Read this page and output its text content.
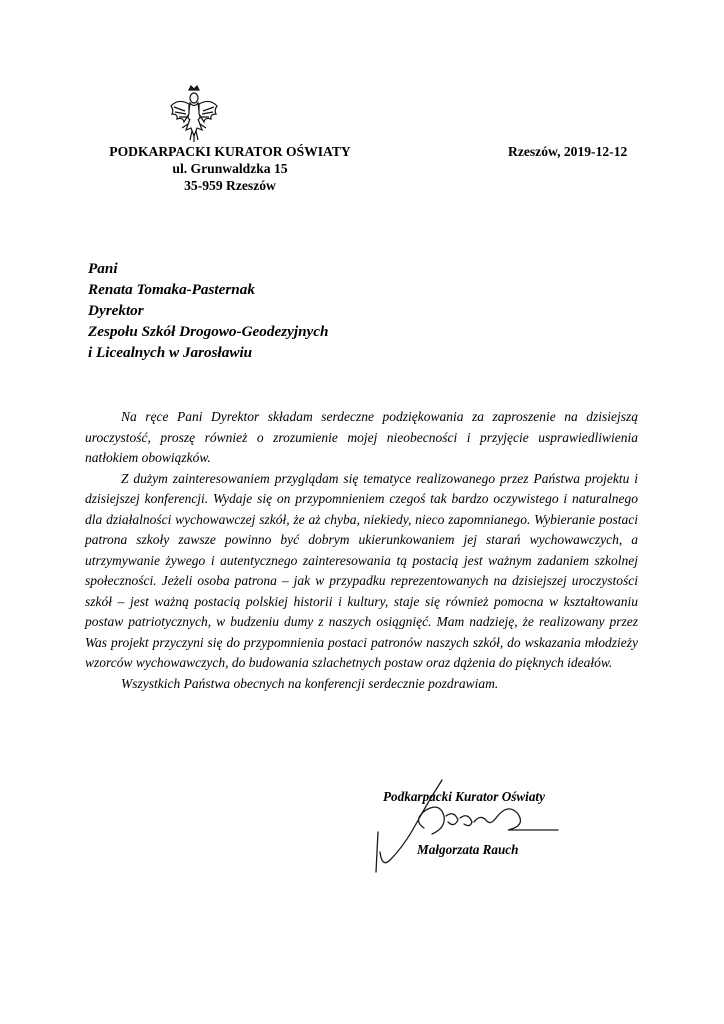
PODKARPACKI KURATOR OŚWIATY
ul. Grunwaldzka 15
35-959 Rzeszów
Rzeszów, 2019-12-12
Pani
Renata Tomaka-Pasternak
Dyrektor
Zespołu Szkół Drogowo-Geodezyjnych
i Licealnych w Jarosławiu

Na ręce Pani Dyrektor składam serdeczne podziękowania za zaproszenie na dzisiejszą uroczystość, proszę również o zrozumienie mojej nieobecności i przyjęcie usprawiedliwienia natłokiem obowiązków.

Z dużym zainteresowaniem przyglądam się tematyce realizowanego przez Państwa projektu i dzisiejszej konferencji. Wydaje się on przypomnieniem czegoś tak bardzo oczywistego i naturalnego dla działalności wychowawczej szkół, że aż chyba, niekiedy, nieco zapomnianego. Wybieranie postaci patrona szkoły zawsze powinno być dobrym ukierunkowaniem jej starań wychowawczych, a utrzymywanie żywego i autentycznego zainteresowania tą postacią jest ważnym zadaniem szkolnej społeczności. Jeżeli osoba patrona – jak w przypadku reprezentowanych na dzisiejszej uroczystości szkół – jest ważną postacią polskiej historii i kultury, staje się również pomocna w kształtowaniu postaw patriotycznych, w budzeniu dumy z naszych osiągnięć. Mam nadzieję, że realizowany przez Was projekt przyczyni się do przypomnienia postaci patronów naszych szkół, do wskazania młodzieży wzorców wychowawczych, do budowania szlachetnych postaw oraz dążenia do pięknych ideałów.

Wszystkich Państwa obecnych na konferencji serdecznie pozdrawiam.

Podkarpacki Kurator Oświaty
Małgorzata Rauch
